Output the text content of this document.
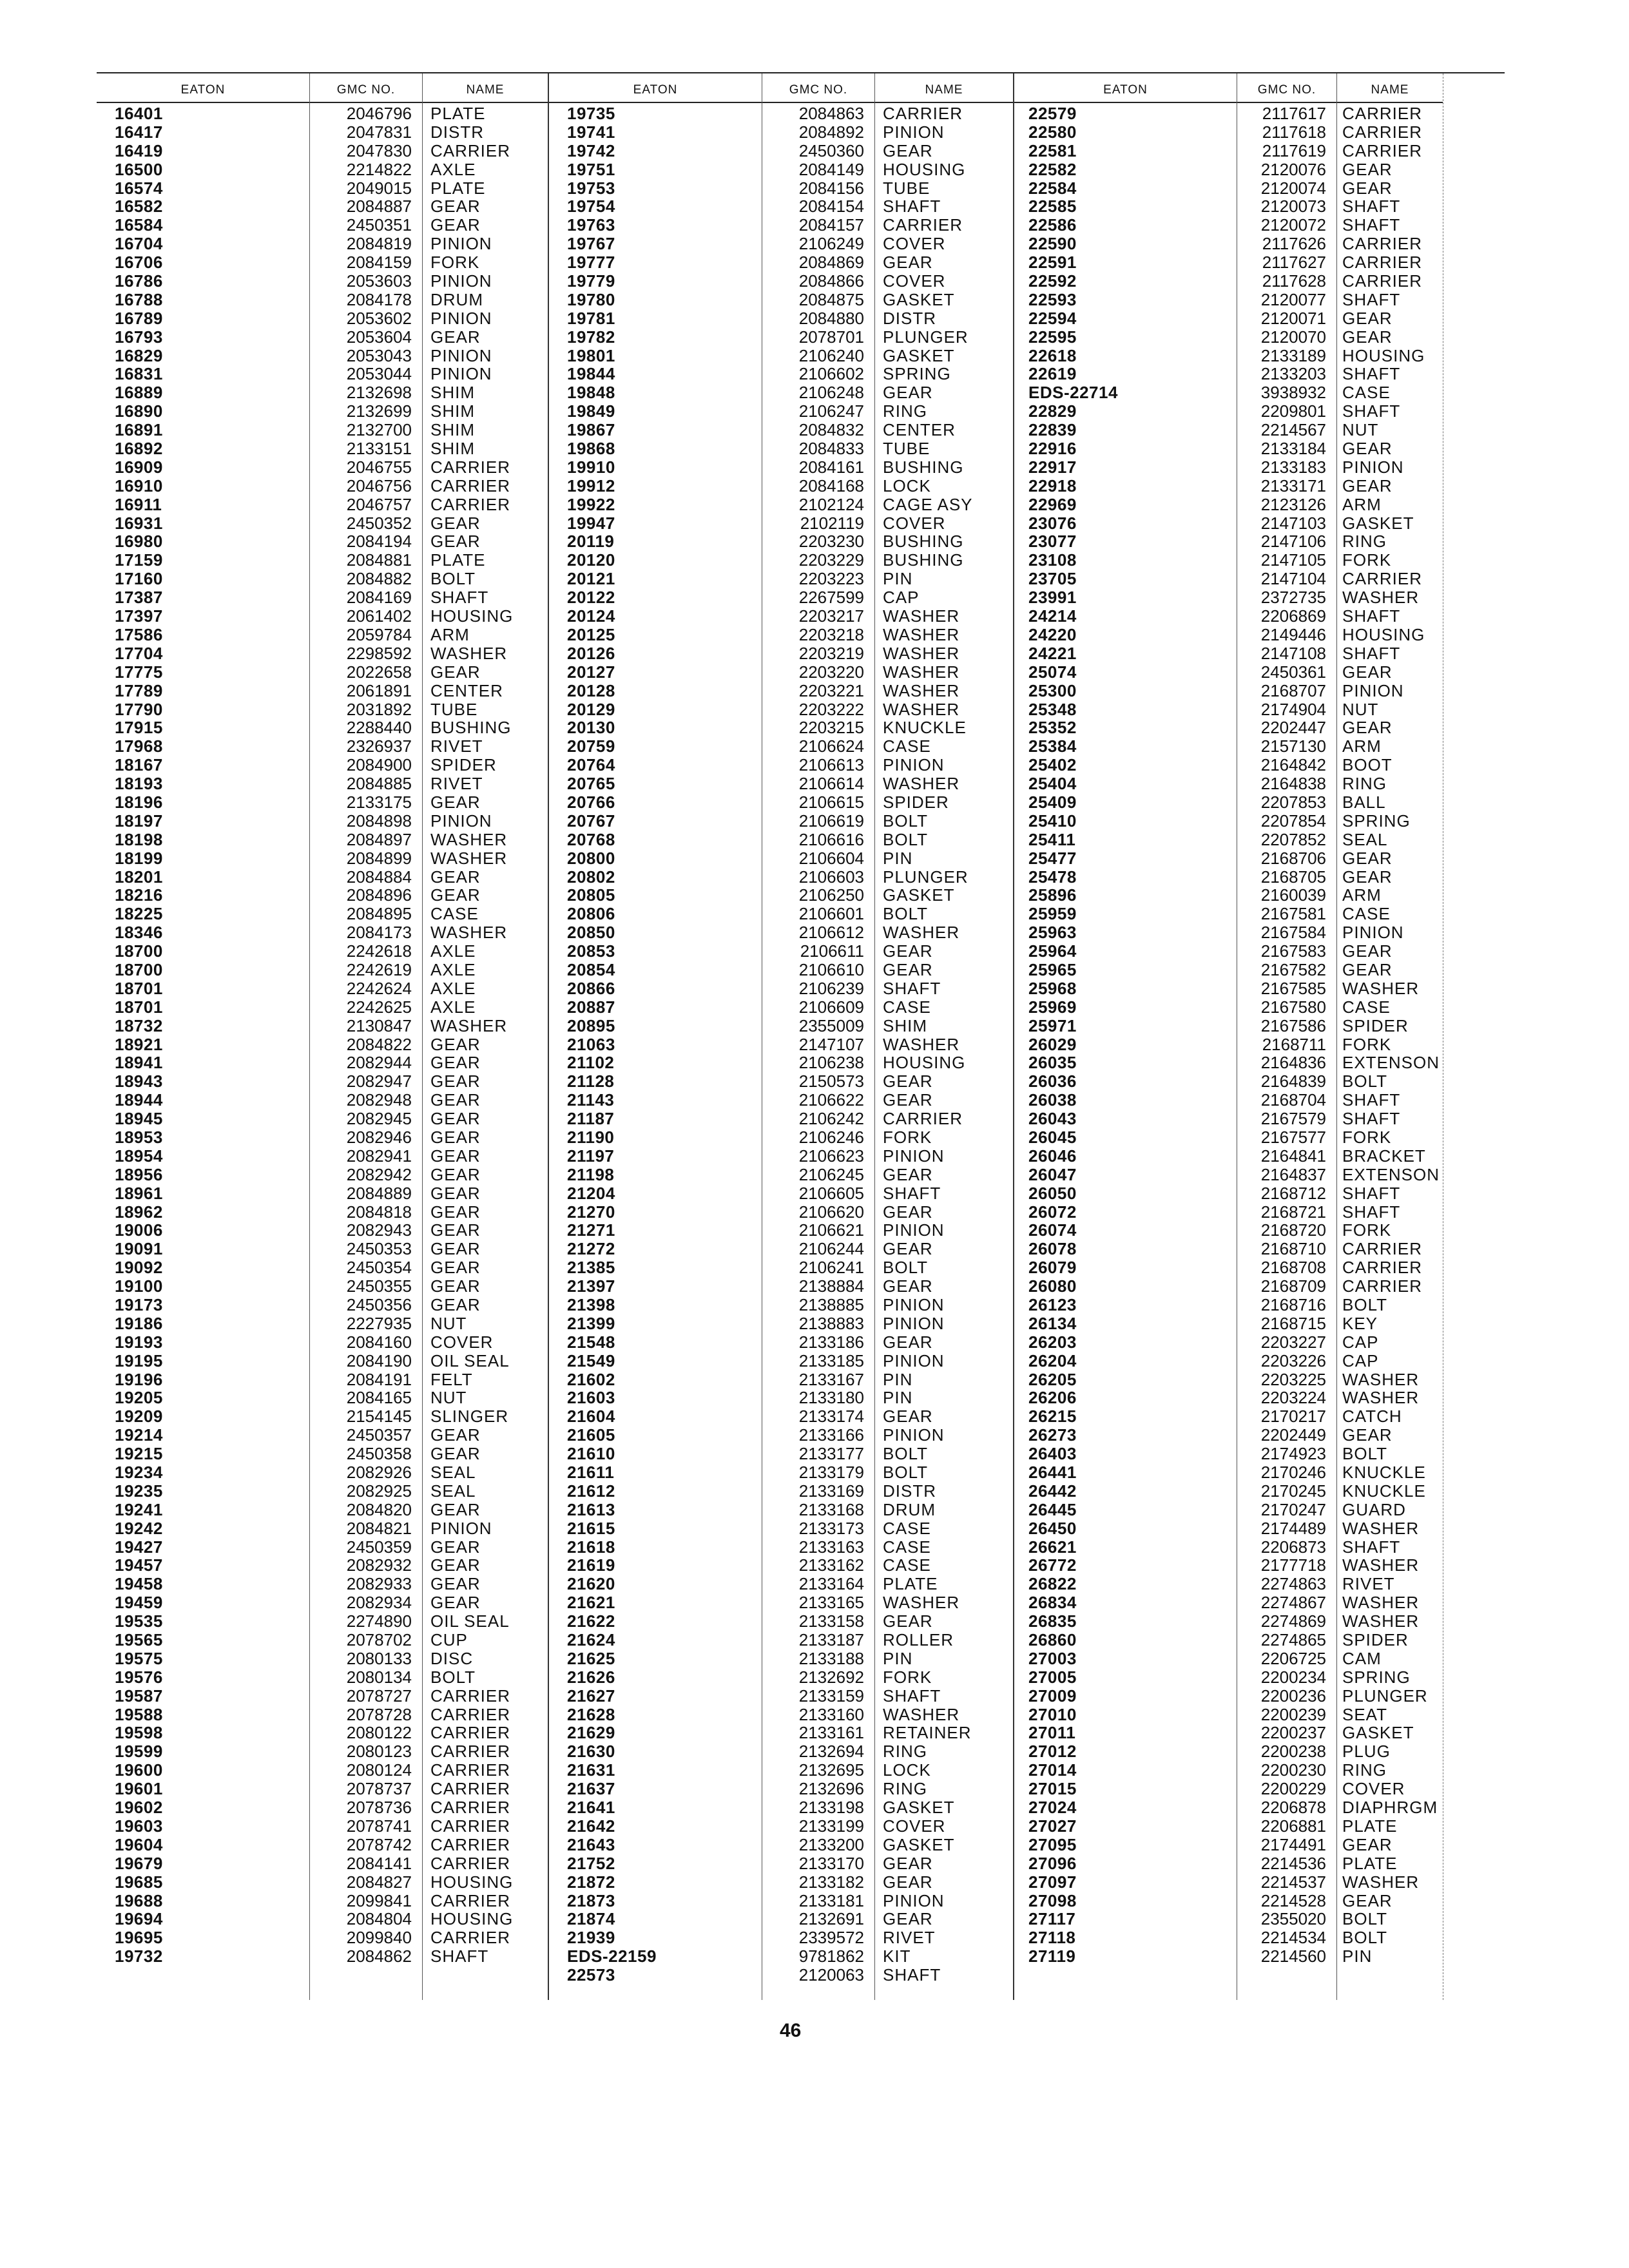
EATON
16401
16417
16419
16500
16574
16582
16584
16704
16706
16786
16788
16789
16793
16829
16831
16889
16890
16891
16892
16909
16910
16911
16931
16980
17159
17160
17387
17397
17586
17704
17775
17789
17790
17915
17968
18167
18193
18196
18197
18198
18199
18201
18216
18225
18346
18700
18700
18701
18701
18732
18921
18941
18943
18944
18945
18953
18954
18956
18961
18962
19006
19091
19092
19100
19173
19186
19193
19195
19196
19205
19209
19214
19215
19234
19235
19241
19242
19427
19457
19458
19459
19535
19565
19575
19576
19587
19588
19598
19599
19600
19601
19602
19603
19604
19679
19685
19688
19694
19695
19732
GMC NO.
2046796
2047831
2047830
2214822
2049015
2084887
2450351
2084819
2084159
2053603
2084178
2053602
2053604
2053043
2053044
2132698
2132699
2132700
2133151
2046755
2046756
2046757
2450352
2084194
2084881
2084882
2084169
2061402
2059784
2298592
2022658
2061891
2031892
2288440
2326937
2084900
2084885
2133175
2084898
2084897
2084899
2084884
2084896
2084895
2084173
2242618
2242619
2242624
2242625
2130847
2084822
2082944
2082947
2082948
2082945
2082946
2082941
2082942
2084889
2084818
2082943
2450353
2450354
2450355
2450356
2227935
2084160
2084190
2084191
2084165
2154145
2450357
2450358
2082926
2082925
2084820
2084821
2450359
2082932
2082933
2082934
2274890
2078702
2080133
2080134
2078727
2078728
2080122
2080123
2080124
2078737
2078736
2078741
2078742
2084141
2084827
2099841
2084804
2099840
2084862
NAME
PLATE
DISTR
CARRIER
AXLE
PLATE
GEAR
GEAR
PINION
FORK
PINION
DRUM
PINION
GEAR
PINION
PINION
SHIM
SHIM
SHIM
SHIM
CARRIER
CARRIER
CARRIER
GEAR
GEAR
PLATE
BOLT
SHAFT
HOUSING
ARM
WASHER
GEAR
CENTER
TUBE
BUSHING
RIVET
SPIDER
RIVET
GEAR
PINION
WASHER
WASHER
GEAR
GEAR
CASE
WASHER
AXLE
AXLE
AXLE
AXLE
WASHER
GEAR
GEAR
GEAR
GEAR
GEAR
GEAR
GEAR
GEAR
GEAR
GEAR
GEAR
GEAR
GEAR
GEAR
GEAR
NUT
COVER
OIL SEAL
FELT
NUT
SLINGER
GEAR
GEAR
SEAL
SEAL
GEAR
PINION
GEAR
GEAR
GEAR
GEAR
OIL SEAL
CUP
DISC
BOLT
CARRIER
CARRIER
CARRIER
CARRIER
CARRIER
CARRIER
CARRIER
CARRIER
CARRIER
CARRIER
HOUSING
CARRIER
HOUSING
CARRIER
SHAFT
EATON
19735
19741
19742
19751
19753
19754
19763
19767
19777
19779
19780
19781
19782
19801
19844
19848
19849
19867
19868
19910
19912
19922
19947
20119
20120
20121
20122
20124
20125
20126
20127
20128
20129
20130
20759
20764
20765
20766
20767
20768
20800
20802
20805
20806
20850
20853
20854
20866
20887
20895
21063
21102
21128
21143
21187
21190
21197
21198
21204
21270
21271
21272
21385
21397
21398
21399
21548
21549
21602
21603
21604
21605
21610
21611
21612
21613
21615
21618
21619
21620
21621
21622
21624
21625
21626
21627
21628
21629
21630
21631
21637
21641
21642
21643
21752
21872
21873
21874
21939
EDS-22159
22573
GMC NO.
2084863
2084892
2450360
2084149
2084156
2084154
2084157
2106249
2084869
2084866
2084875
2084880
2078701
2106240
2106602
2106248
2106247
2084832
2084833
2084161
2084168
2102124
2102119
2203230
2203229
2203223
2267599
2203217
2203218
2203219
2203220
2203221
2203222
2203215
2106624
2106613
2106614
2106615
2106619
2106616
2106604
2106603
2106250
2106601
2106612
2106611
2106610
2106239
2106609
2355009
2147107
2106238
2150573
2106622
2106242
2106246
2106623
2106245
2106605
2106620
2106621
2106244
2106241
2138884
2138885
2138883
2133186
2133185
2133167
2133180
2133174
2133166
2133177
2133179
2133169
2133168
2133173
2133163
2133162
2133164
2133165
2133158
2133187
2133188
2132692
2133159
2133160
2133161
2132694
2132695
2132696
2133198
2133199
2133200
2133170
2133182
2133181
2132691
2339572
9781862
2120063
NAME
CARRIER
PINION
GEAR
HOUSING
TUBE
SHAFT
CARRIER
COVER
GEAR
COVER
GASKET
DISTR
PLUNGER
GASKET
SPRING
GEAR
RING
CENTER
TUBE
BUSHING
LOCK
CAGE ASY
COVER
BUSHING
BUSHING
PIN
CAP
WASHER
WASHER
WASHER
WASHER
WASHER
WASHER
KNUCKLE
CASE
PINION
WASHER
SPIDER
BOLT
BOLT
PIN
PLUNGER
GASKET
BOLT
WASHER
GEAR
GEAR
SHAFT
CASE
SHIM
WASHER
HOUSING
GEAR
GEAR
CARRIER
FORK
PINION
GEAR
SHAFT
GEAR
PINION
GEAR
BOLT
GEAR
PINION
PINION
GEAR
PINION
PIN
PIN
GEAR
PINION
BOLT
BOLT
DISTR
DRUM
CASE
CASE
CASE
PLATE
WASHER
GEAR
ROLLER
PIN
FORK
SHAFT
WASHER
RETAINER
RING
LOCK
RING
GASKET
COVER
GASKET
GEAR
GEAR
PINION
GEAR
RIVET
KIT
SHAFT
EATON
22579
22580
22581
22582
22584
22585
22586
22590
22591
22592
22593
22594
22595
22618
22619
EDS-22714
22829
22839
22916
22917
22918
22969
23076
23077
23108
23705
23991
24214
24220
24221
25074
25300
25348
25352
25384
25402
25404
25409
25410
25411
25477
25478
25896
25959
25963
25964
25965
25968
25969
25971
26029
26035
26036
26038
26043
26045
26046
26047
26050
26072
26074
26078
26079
26080
26123
26134
26203
26204
26205
26206
26215
26273
26403
26441
26442
26445
26450
26621
26772
26822
26834
26835
26860
27003
27005
27009
27010
27011
27012
27014
27015
27024
27027
27095
27096
27097
27098
27117
27118
27119
GMC NO.
2117617
2117618
2117619
2120076
2120074
2120073
2120072
2117626
2117627
2117628
2120077
2120071
2120070
2133189
2133203
3938932
2209801
2214567
2133184
2133183
2133171
2123126
2147103
2147106
2147105
2147104
2372735
2206869
2149446
2147108
2450361
2168707
2174904
2202447
2157130
2164842
2164838
2207853
2207854
2207852
2168706
2168705
2160039
2167581
2167584
2167583
2167582
2167585
2167580
2167586
2168711
2164836
2164839
2168704
2167579
2167577
2164841
2164837
2168712
2168721
2168720
2168710
2168708
2168709
2168716
2168715
2203227
2203226
2203225
2203224
2170217
2202449
2174923
2170246
2170245
2170247
2174489
2206873
2177718
2274863
2274867
2274869
2274865
2206725
2200234
2200236
2200239
2200237
2200238
2200230
2200229
2206878
2206881
2174491
2214536
2214537
2214528
2355020
2214534
2214560
NAME
CARRIER
CARRIER
CARRIER
GEAR
GEAR
SHAFT
SHAFT
CARRIER
CARRIER
CARRIER
SHAFT
GEAR
GEAR
HOUSING
SHAFT
CASE
SHAFT
NUT
GEAR
PINION
GEAR
ARM
GASKET
RING
FORK
CARRIER
WASHER
SHAFT
HOUSING
SHAFT
GEAR
PINION
NUT
GEAR
ARM
BOOT
RING
BALL
SPRING
SEAL
GEAR
GEAR
ARM
CASE
PINION
GEAR
GEAR
WASHER
CASE
SPIDER
FORK
EXTENSON
BOLT
SHAFT
SHAFT
FORK
BRACKET
EXTENSON
SHAFT
SHAFT
FORK
CARRIER
CARRIER
CARRIER
BOLT
KEY
CAP
CAP
WASHER
WASHER
CATCH
GEAR
BOLT
KNUCKLE
KNUCKLE
GUARD
WASHER
SHAFT
WASHER
RIVET
WASHER
WASHER
SPIDER
CAM
SPRING
PLUNGER
SEAT
GASKET
PLUG
RING
COVER
DIAPHRGM
PLATE
GEAR
PLATE
WASHER
GEAR
BOLT
BOLT
PIN
46
